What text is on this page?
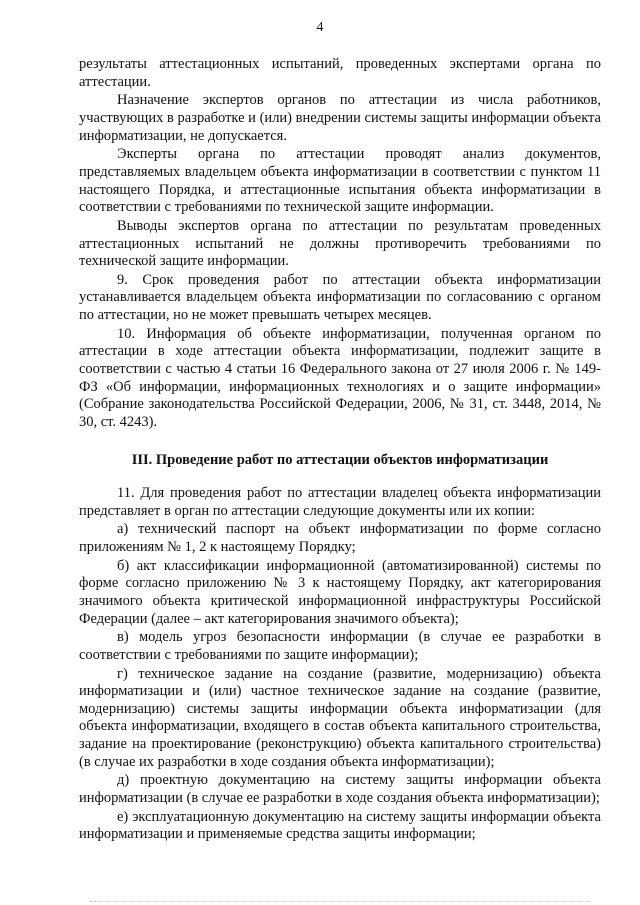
4

результаты аттестационных испытаний, проведенных экспертами органа по аттестации.

Назначение экспертов органов по аттестации из числа работников, участвующих в разработке и (или) внедрении системы защиты информации объекта информатизации, не допускается.

Эксперты органа по аттестации проводят анализ документов, представляемых владельцем объекта информатизации в соответствии с пунктом 11 настоящего Порядка, и аттестационные испытания объекта информатизации в соответствии с требованиями по технической защите информации.

Выводы экспертов органа по аттестации по результатам проведенных аттестационных испытаний не должны противоречить требованиями по технической защите информации.

9. Срок проведения работ по аттестации объекта информатизации устанавливается владельцем объекта информатизации по согласованию с органом по аттестации, но не может превышать четырех месяцев.

10. Информация об объекте информатизации, полученная органом по аттестации в ходе аттестации объекта информатизации, подлежит защите в соответствии с частью 4 статьи 16 Федерального закона от 27 июля 2006 г. № 149-ФЗ «Об информации, информационных технологиях и о защите информации» (Собрание законодательства Российской Федерации, 2006, № 31, ст. 3448, 2014, № 30, ст. 4243).

III. Проведение работ по аттестации объектов информатизации

11. Для проведения работ по аттестации владелец объекта информатизации представляет в орган по аттестации следующие документы или их копии:

а) технический паспорт на объект информатизации по форме согласно приложениям № 1, 2 к настоящему Порядку;

б) акт классификации информационной (автоматизированной) системы по форме согласно приложению № 3 к настоящему Порядку, акт категорирования значимого объекта критической информационной инфраструктуры Российской Федерации (далее – акт категорирования значимого объекта);

в) модель угроз безопасности информации (в случае ее разработки в соответствии с требованиями по защите информации);

г) техническое задание на создание (развитие, модернизацию) объекта информатизации и (или) частное техническое задание на создание (развитие, модернизацию) системы защиты информации объекта информатизации (для объекта информатизации, входящего в состав объекта капитального строительства, задание на проектирование (реконструкцию) объекта капитального строительства) (в случае их разработки в ходе создания объекта информатизации);

д) проектную документацию на систему защиты информации объекта информатизации (в случае ее разработки в ходе создания объекта информатизации);

е) эксплуатационную документацию на систему защиты информации объекта информатизации и применяемые средства защиты информации;
